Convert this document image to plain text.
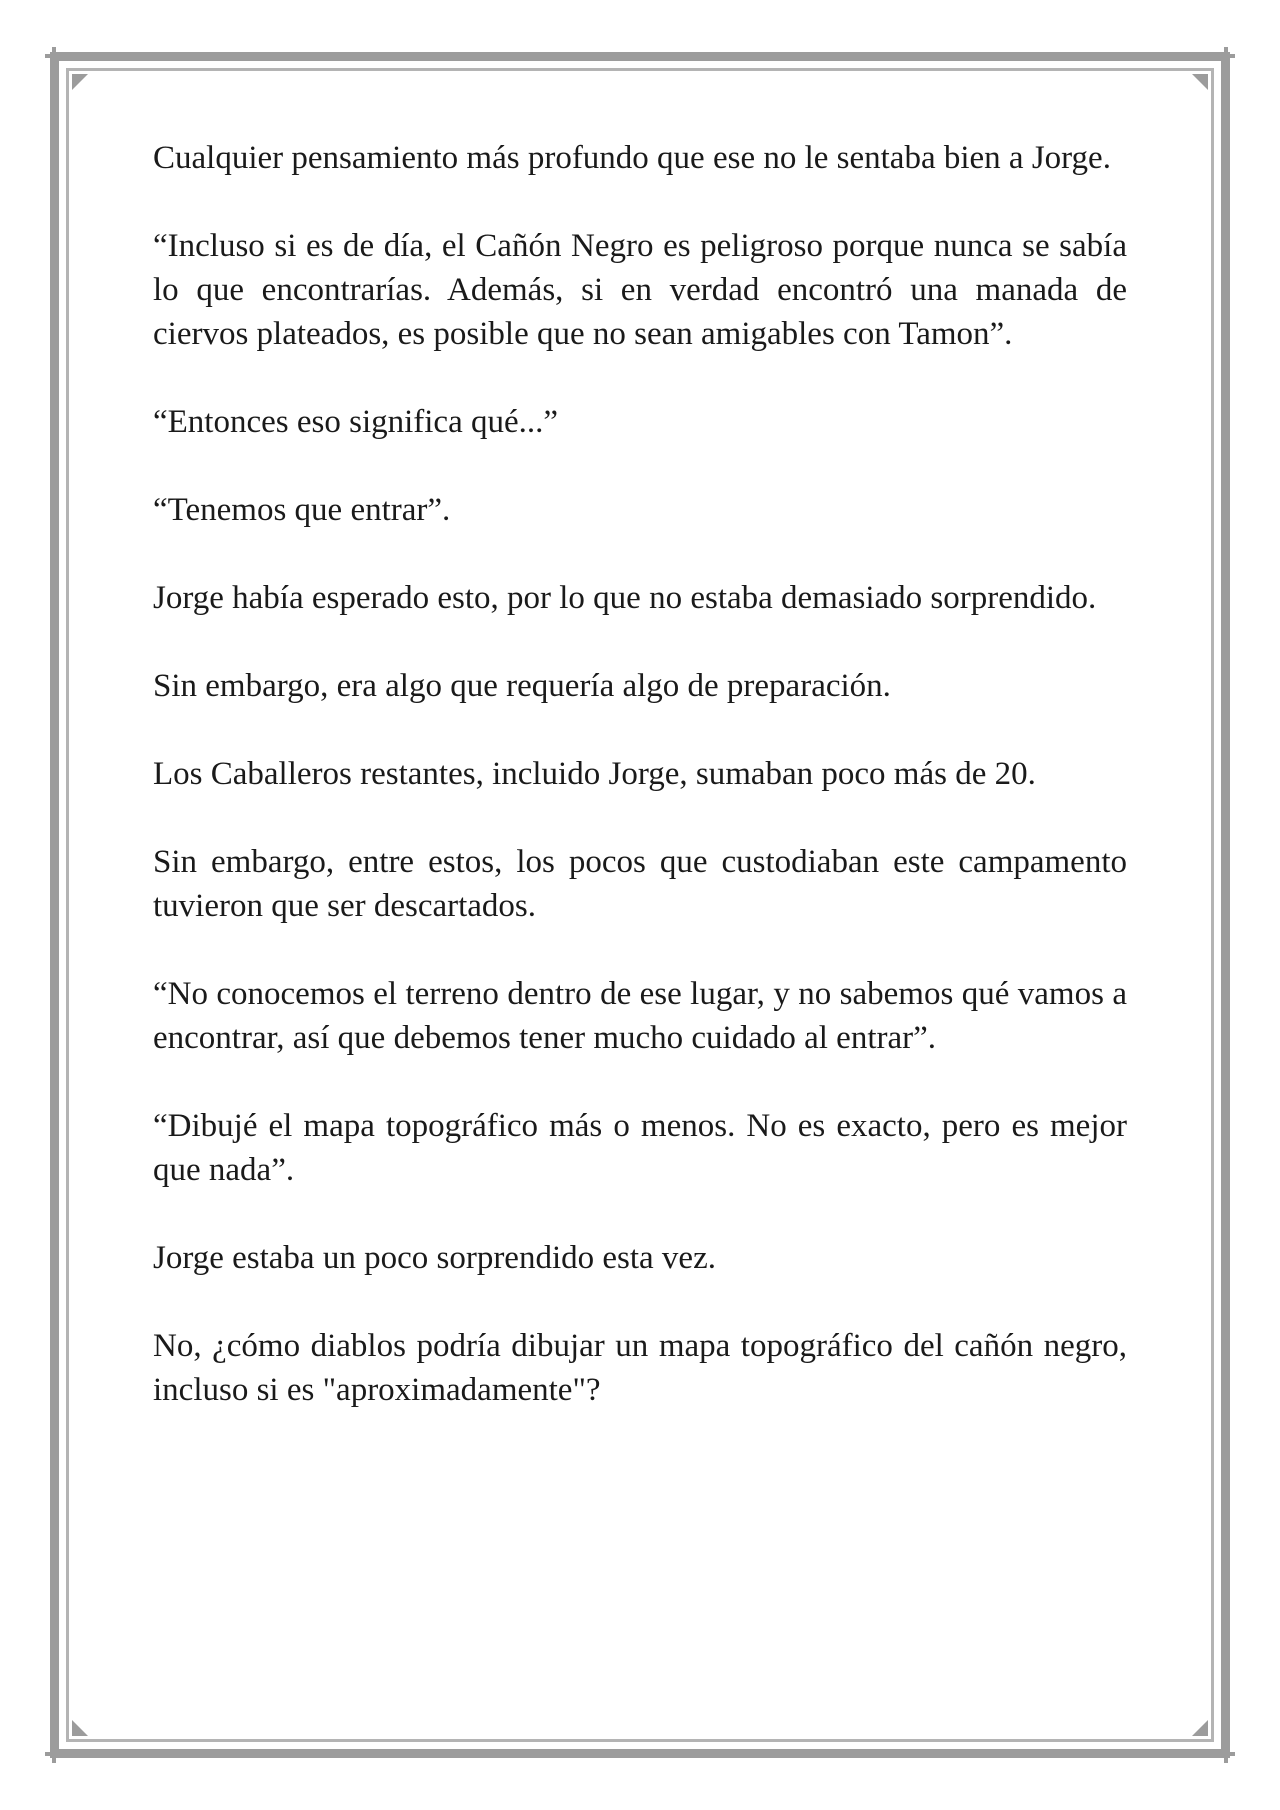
Cualquier pensamiento más profundo que ese no le sentaba bien a Jorge.

“Incluso si es de día, el Cañón Negro es peligroso porque nunca se sabía lo que encontrarías. Además, si en verdad encontró una manada de ciervos plateados, es posible que no sean amigables con Tamon”.

“Entonces eso significa qué...”

“Tenemos que entrar”.

Jorge había esperado esto, por lo que no estaba demasiado sorprendido.

Sin embargo, era algo que requería algo de preparación.

Los Caballeros restantes, incluido Jorge, sumaban poco más de 20.

Sin embargo, entre estos, los pocos que custodiaban este campamento tuvieron que ser descartados.

“No conocemos el terreno dentro de ese lugar, y no sabemos qué vamos a encontrar, así que debemos tener mucho cuidado al entrar”.

“Dibujé el mapa topográfico más o menos. No es exacto, pero es mejor que nada”.

Jorge estaba un poco sorprendido esta vez.

No, ¿cómo diablos podría dibujar un mapa topográfico del cañón negro, incluso si es "aproximadamente"?
